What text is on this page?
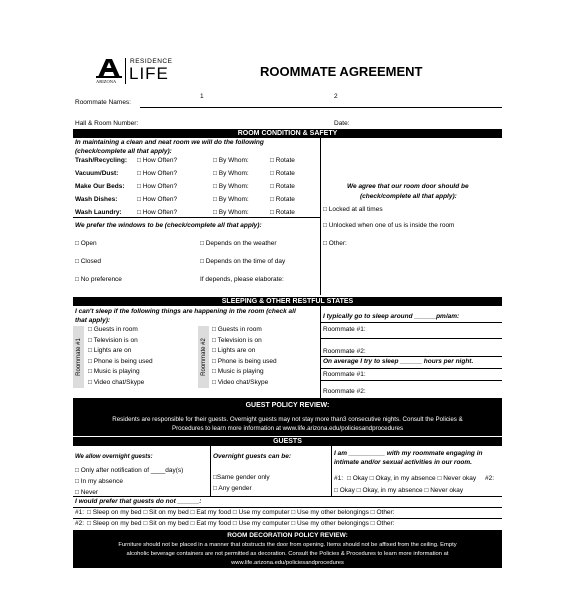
ARIZONA
RESIDENCE
LIFE	ROOMMATE AGREEMENT
Roommate Names:
1	2
Hall & Room Number:	Date:
ROOM CONDITION & SAFETY
In maintaining a clean and neat room we will do the following
(check/complete all that apply):
Trash/Recycling: □ How Often?	□ By Whom:	□ Rotate
Vacuum/Dust:	□ How Often?	□ By Whom:	□ Rotate
Make Our Beds: □ How Often?	□ By Whom:	□ Rotate
Wash Dishes:	□ How Often?	□ By Whom:	□ Rotate
Wash Laundry: □ How Often?	□ By Whom:	□ Rotate
We agree that our room door should be
(check/complete all that apply):
□ Locked at all times
□ Unlocked when one of us is inside the room
□ Other:
We prefer the windows to be (check/complete all that apply):
□ Open	□ Depends on the weather
□ Closed	□ Depends on the time of day
□ No preference	If depends, please elaborate:
SLEEPING & OTHER RESTFUL STATES
I can't sleep if the following things are happening in the room (check all
that apply):
Roommate #1	Roommate #2
□ Guests in room
□ Television is on
□ Lights are on
□ Phone is being used
□ Music is playing
□ Video chat/Skype
□ Guests in room
□ Television is on
□ Lights are on
□ Phone is being used
□ Music is playing
□ Video chat/Skype
I typically go to sleep around ______pm/am:
Roommate #1:
Roommate #2:
On average I try to sleep ______ hours per night.
Roommate #1:
Roommate #2:
GUEST POLICY REVIEW:
Residents are responsible for their guests. Overnight guests may not stay more than3 consecutive nights. Consult the Policies &
Procedures to learn more information at www.life.arizona.edu/policiesandprocedures
GUESTS
We allow overnight guests:
□ Only after notification of ____day(s)
□ In my absence
□ Never
Overnight guests can be:
□Same gender only
□ Any gender
I am __________ with my roommate engaging in
intimate and/or sexual activities in our room.
#1: □ Okay □ Okay, in my absence □ Never okay #2:
□ Okay □ Okay, in my absence □ Never okay
I would prefer that guests do not ______:
#1: □ Sleep on my bed □ Sit on my bed □ Eat my food □ Use my computer □ Use my other belongings □ Other:
#2: □ Sleep on my bed □ Sit on my bed □ Eat my food □ Use my computer □ Use my other belongings □ Other:
ROOM DECORATION POLICY REVIEW:
Furniture should not be placed in a manner that obstructs the door from opening. Items should not be affixed from the ceiling. Empty
alcoholic beverage containers are not permitted as decoration. Consult the Policies & Procedures to learn more information at
www.life.arizona.edu/policiesandprocedures
